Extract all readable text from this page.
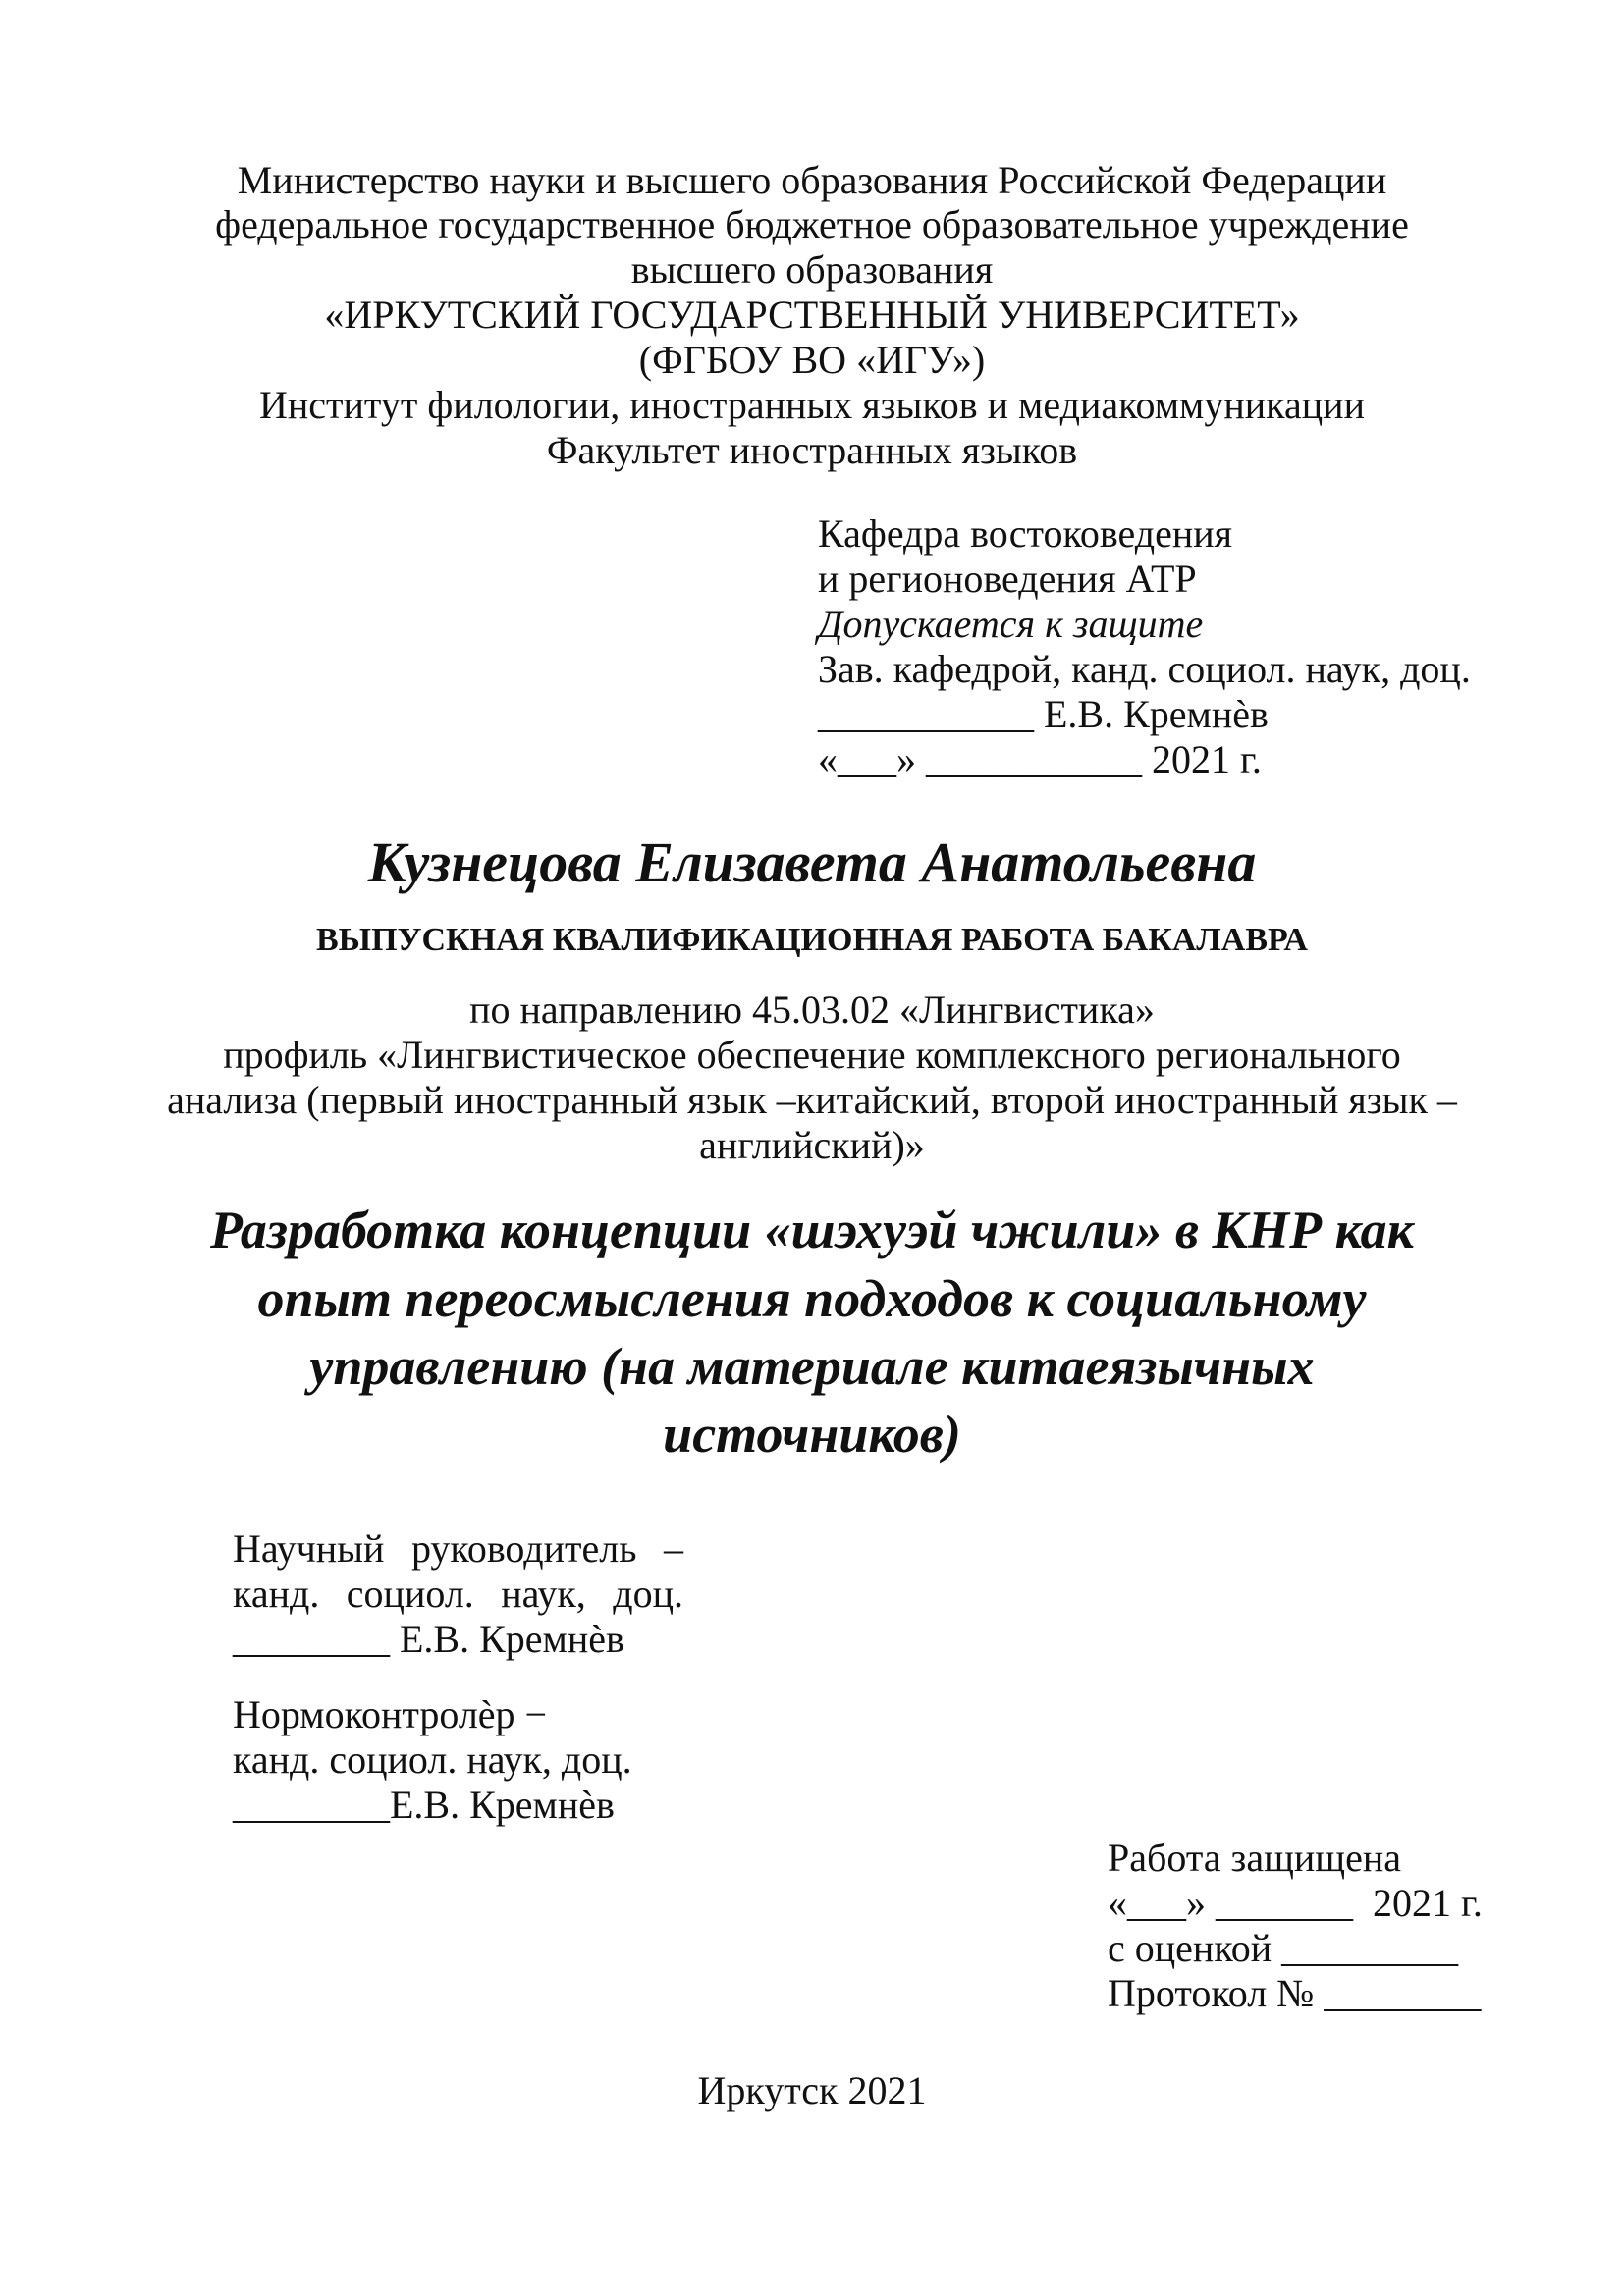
Министерство науки и высшего образования Российской Федерации
федеральное государственное бюджетное образовательное учреждение
высшего образования
«ИРКУТСКИЙ ГОСУДАРСТВЕННЫЙ УНИВЕРСИТЕТ»
(ФГБОУ ВО «ИГУ»)
Институт филологии, иностранных языков и медиакоммуникации
Факультет иностранных языков
Кафедра востоковедения
и регионоведения АТР
Допускается к защите
Зав. кафедрой, канд. социол. наук, доц.
___________ Е.В. Кремнѐв
«___» ___________ 2021 г.
Кузнецова Елизавета Анатольевна
ВЫПУСКНАЯ КВАЛИФИКАЦИОННАЯ РАБОТА БАКАЛАВРА
по направлению 45.03.02 «Лингвистика»
профиль «Лингвистическое обеспечение комплексного регионального
анализа (первый иностранный язык –китайский, второй иностранный язык –
английский)»
Разработка концепции «шэхуэй чжили» в КНР как
опыт переосмысления подходов к социальному
управлению (на материале китаеязычных
источников)
Научный руководитель –
канд. социол. наук, доц.
________ Е.В. Кремнѐв
Нормоконтролѐр −
канд. социол. наук, доц.
________Е.В. Кремнѐв
Работа защищена
«___» _______  2021 г.
с оценкой _________
Протокол № ________
Иркутск 2021
